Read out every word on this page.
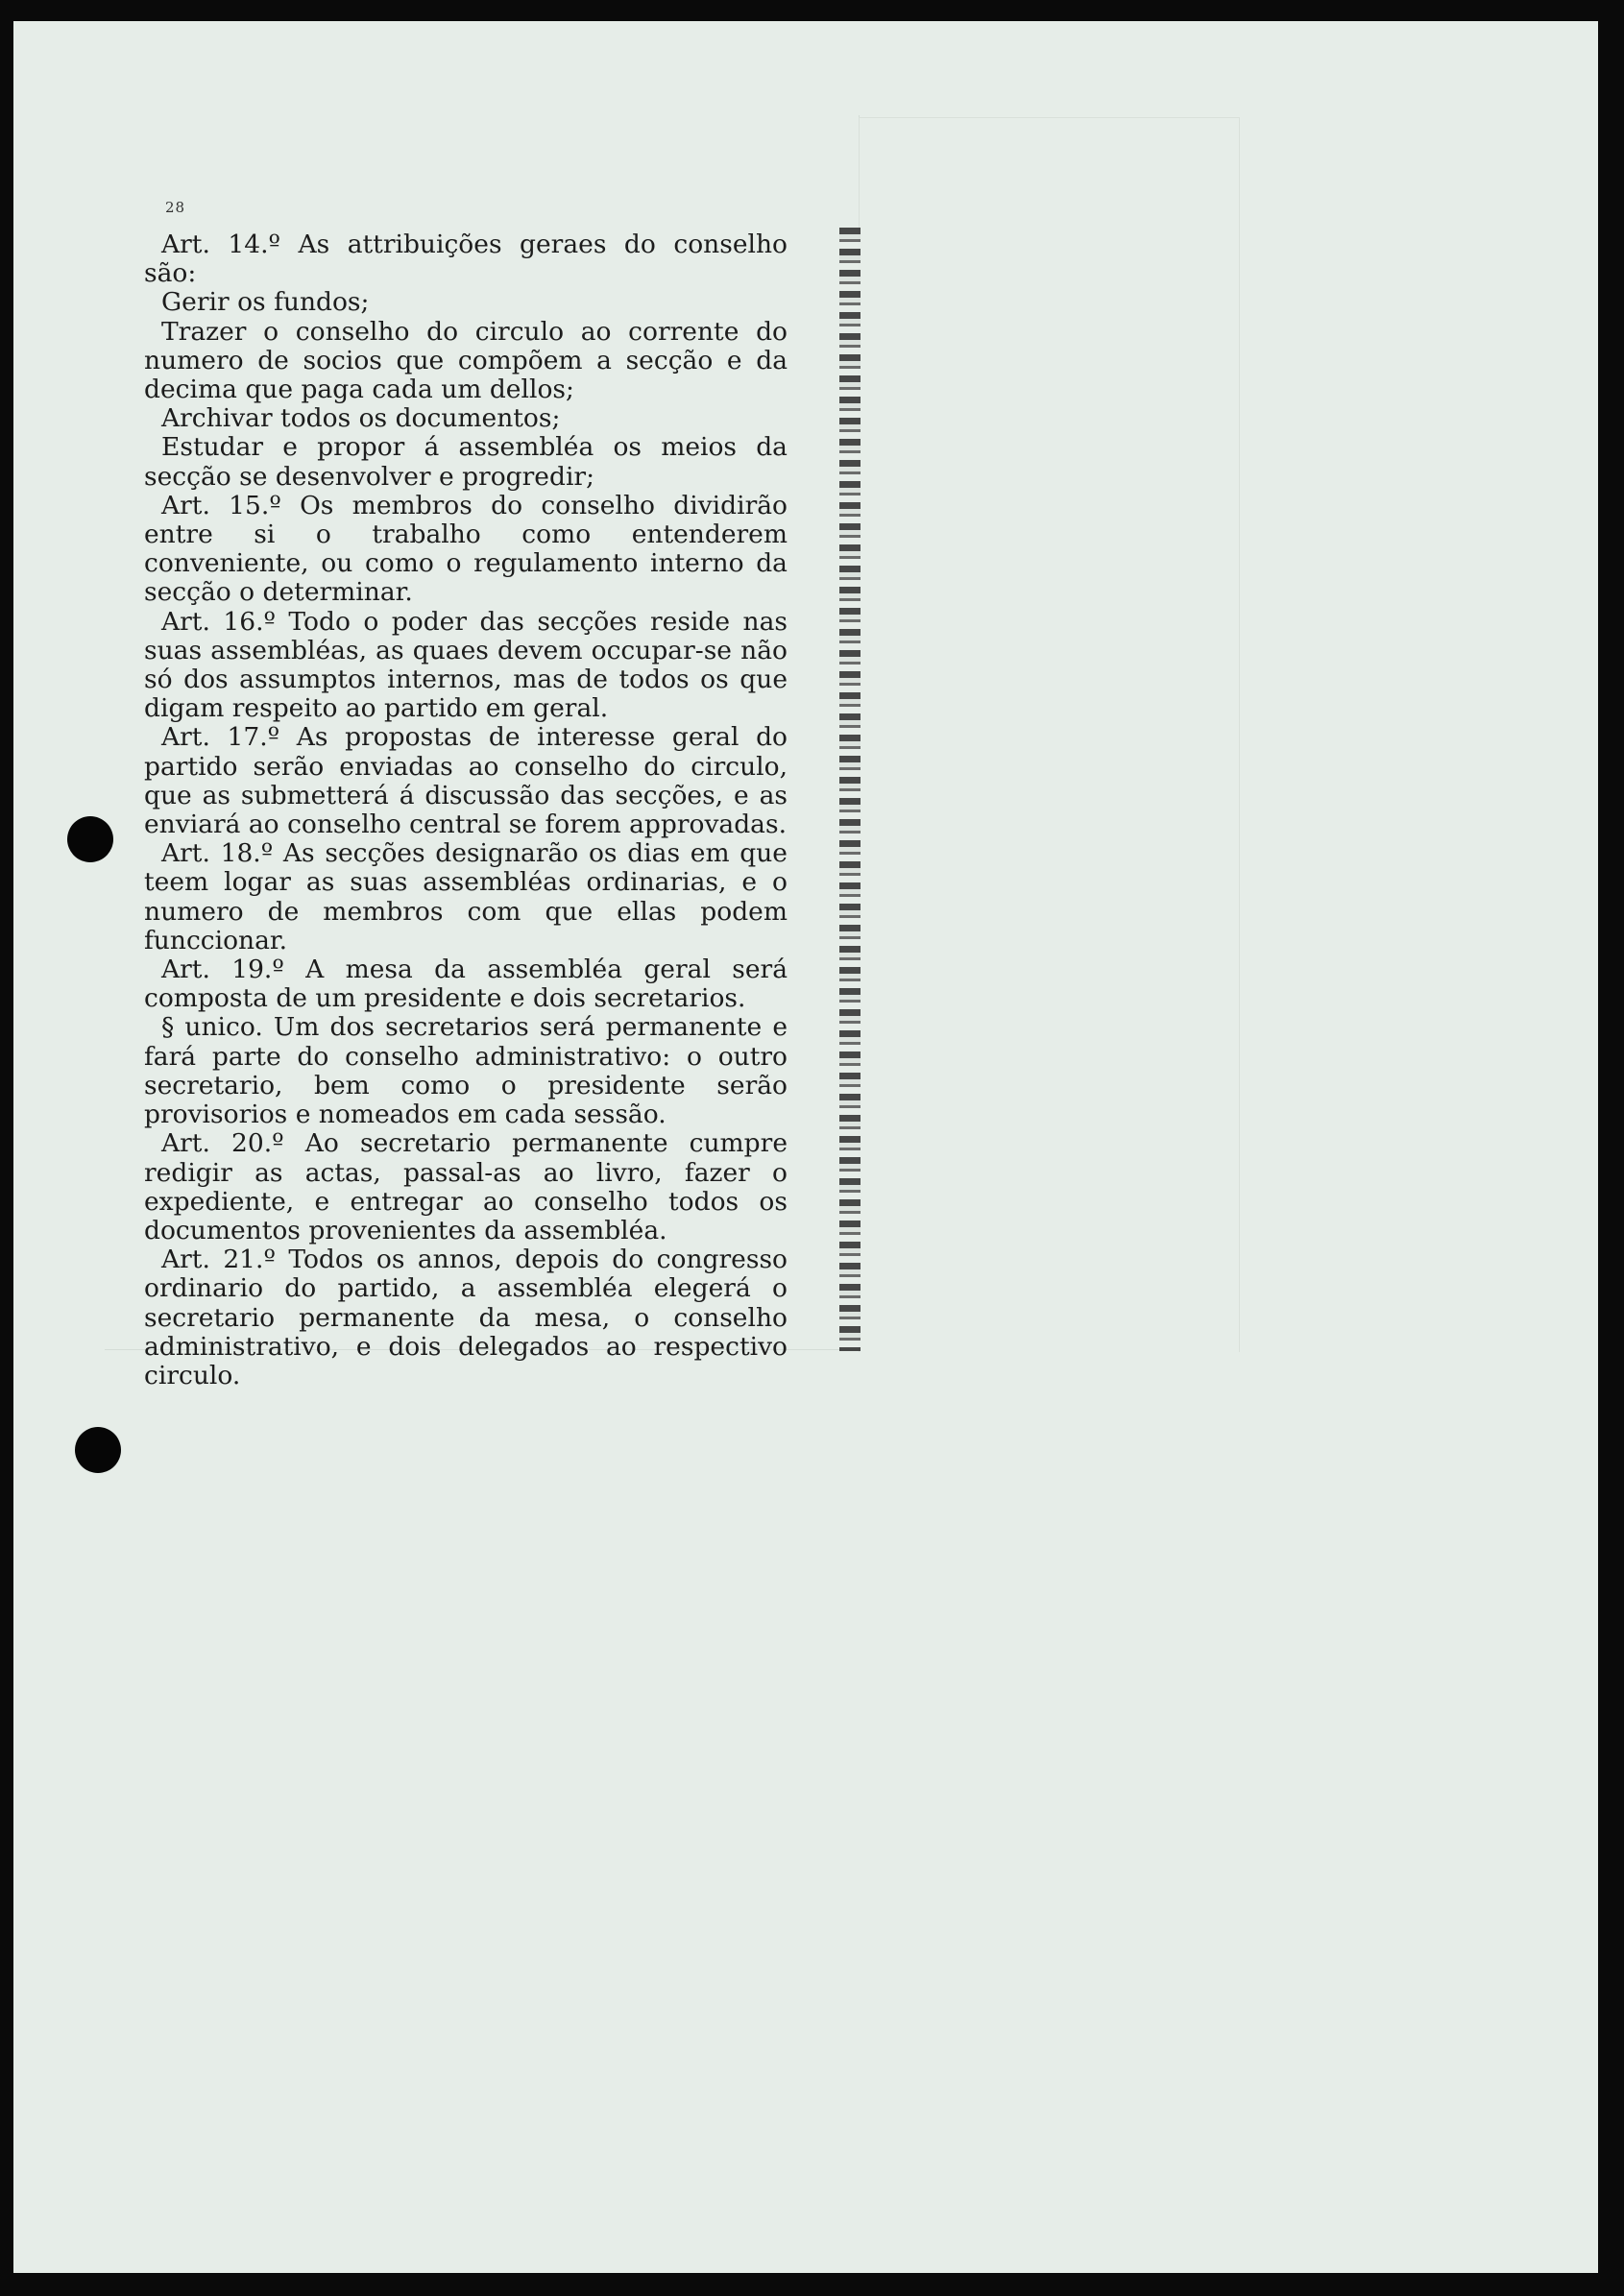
28

Art. 14.º As attribuições geraes do conselho são:

Gerir os fundos;

Trazer o conselho do circulo ao corrente do numero de socios que compõem a secção e da decima que paga cada um dellos;

Archivar todos os documentos;

Estudar e propor á assembléa os meios da secção se desenvolver e progredir;

Art. 15.º Os membros do conselho dividirão entre si o trabalho como entenderem conveniente, ou como o regulamento interno da secção o determinar.

Art. 16.º Todo o poder das secções reside nas suas assembléas, as quaes devem occupar-se não só dos assumptos internos, mas de todos os que digam respeito ao partido em geral.

Art. 17.º As propostas de interesse geral do partido serão enviadas ao conselho do circulo, que as submetterá á discussão das secções, e as enviará ao conselho central se forem approvadas.

Art. 18.º As secções designarão os dias em que teem logar as suas assembléas ordinarias, e o numero de membros com que ellas podem funccionar.

Art. 19.º A mesa da assembléa geral será composta de um presidente e dois secretarios.

§ unico. Um dos secretarios será permanente e fará parte do conselho administrativo: o outro secretario, bem como o presidente serão provisorios e nomeados em cada sessão.

Art. 20.º Ao secretario permanente cumpre redigir as actas, passal-as ao livro, fazer o expediente, e entregar ao conselho todos os documentos provenientes da assembléa.

Art. 21.º Todos os annos, depois do congresso ordinario do partido, a assembléa elegerá o secretario permanente da mesa, o conselho administrativo, e dois delegados ao respectivo circulo.
